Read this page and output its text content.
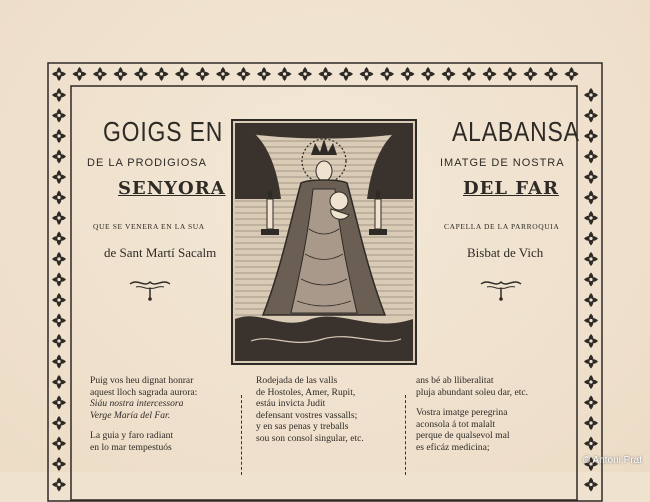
GOIGS EN
DE LA PRODIGIOSA
SENYORA
QUE SE VENERA EN LA SUA
de Sant Martí Sacalm
ALABANSA
IMATGE DE NOSTRA
DEL FAR
CAPELLA DE LA PARROQUIA
Bisbat de Vich
Puig vos heu dignat honrar
aquest lloch sagrada aurora:
Siáu nostra intercessora
Verge María del Far.
La guia y faro radiant
en lo mar tempestuós
Rodejada de las valls
de Hostoles, Amer, Rupit,
estáu invicta Judit
defensant vostres vassalls;
y en sas penas y treballs
sou son consol singular, etc.
ans bé ab lliberalitat
pluja abundant soleu dar, etc.
Vostra imatge peregrina
aconsola á tot malalt
perque de qualsevol mal
es eficáz medicina;
© Antoni Prat
